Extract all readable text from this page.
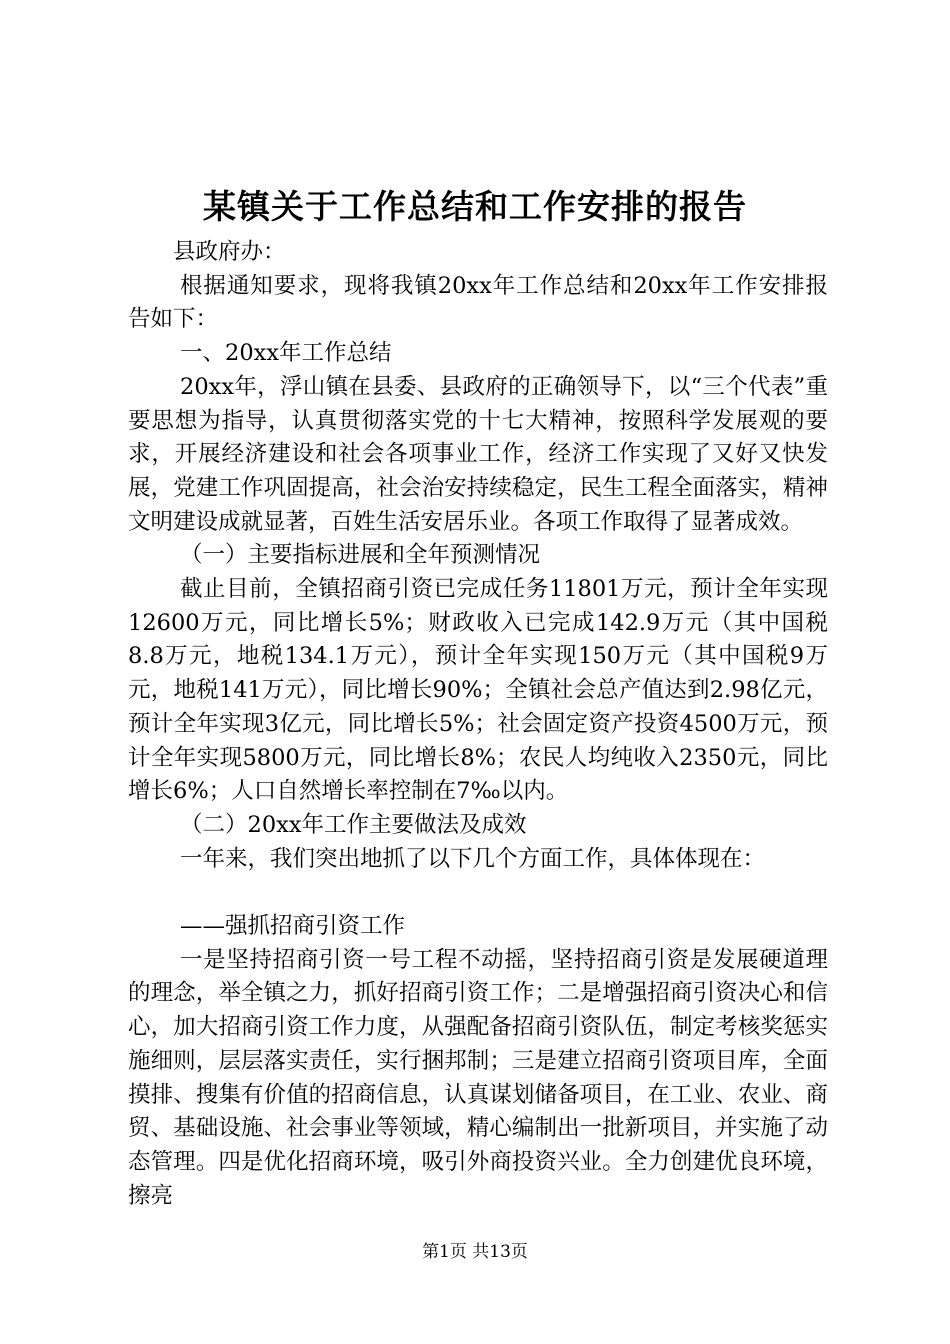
某镇关于工作总结和工作安排的报告

县政府办：

根据通知要求，现将我镇20xx年工作总结和20xx年工作安排报告如下：

一、20xx年工作总结

20xx年，浮山镇在县委、县政府的正确领导下，以“三个代表”重要思想为指导，认真贯彻落实党的十七大精神，按照科学发展观的要求，开展经济建设和社会各项事业工作，经济工作实现了又好又快发展，党建工作巩固提高，社会治安持续稳定，民生工程全面落实，精神文明建设成就显著，百姓生活安居乐业。各项工作取得了显著成效。

（一）主要指标进展和全年预测情况

截止目前，全镇招商引资已完成任务11801万元，预计全年实现12600万元，同比增长5%；财政收入已完成142.9万元（其中国税8.8万元，地税134.1万元），预计全年实现150万元（其中国税9万元，地税141万元），同比增长90%；全镇社会总产值达到2.98亿元，预计全年实现3亿元，同比增长5%；社会固定资产投资4500万元，预计全年实现5800万元，同比增长8%；农民人均纯收入2350元，同比增长6%；人口自然增长率控制在7‰以内。

（二）20xx年工作主要做法及成效

一年来，我们突出地抓了以下几个方面工作，具体体现在：

——强抓招商引资工作

一是坚持招商引资一号工程不动摇，坚持招商引资是发展硬道理的理念，举全镇之力，抓好招商引资工作；二是增强招商引资决心和信心，加大招商引资工作力度，从强配备招商引资队伍，制定考核奖惩实施细则，层层落实责任，实行捆邦制；三是建立招商引资项目库，全面摸排、搜集有价值的招商信息，认真谋划储备项目，在工业、农业、商贸、基础设施、社会事业等领域，精心编制出一批新项目，并实施了动态管理。四是优化招商环境，吸引外商投资兴业。全力创建优良环境，擦亮

第1页 共13页
